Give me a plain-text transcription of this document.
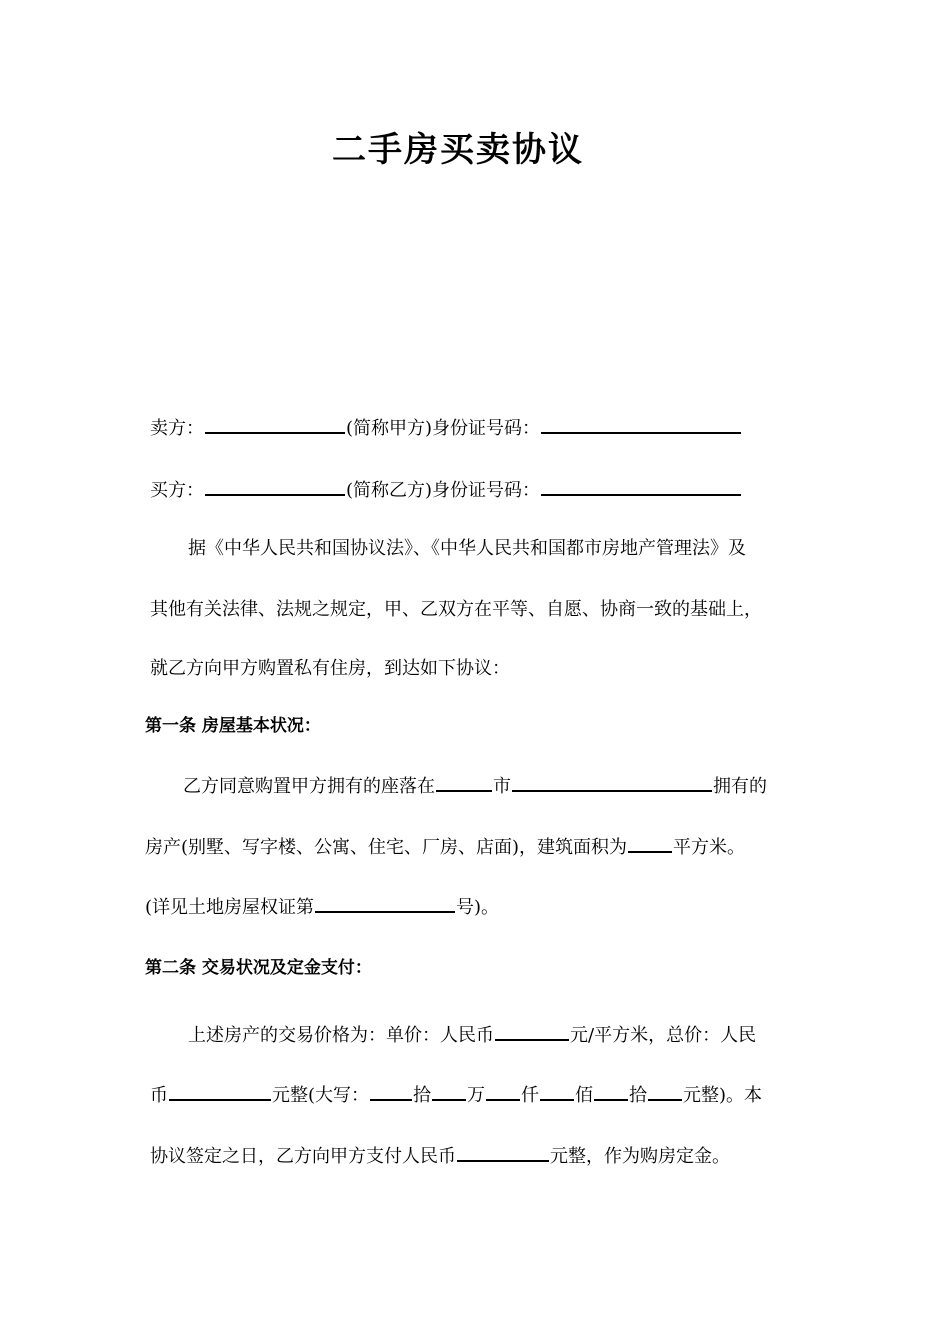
二手房买卖协议
卖方：	(简称甲方)身份证号码：
买方：	(简称乙方)身份证号码：
据《中华人民共和国协议法》、《中华人民共和国都市房地产管理法》及
其他有关法律、法规之规定，甲、乙双方在平等、自愿、协商一致的基础上，
就乙方向甲方购置私有住房，到达如下协议：
第一条 房屋基本状况：
乙方同意购置甲方拥有的座落在	市	拥有的
房产(别墅、写字楼、公寓、住宅、厂房、店面)，建筑面积为	平方米。
(详见土地房屋权证第	号)。
第二条 交易状况及定金支付：
上述房产的交易价格为：单价：人民币	元/平方米，总价：人民
币	元整(大写： 拾 万 仟 佰 拾 元整)。本
协议签定之日，乙方向甲方支付人民币	元整，作为购房定金。
